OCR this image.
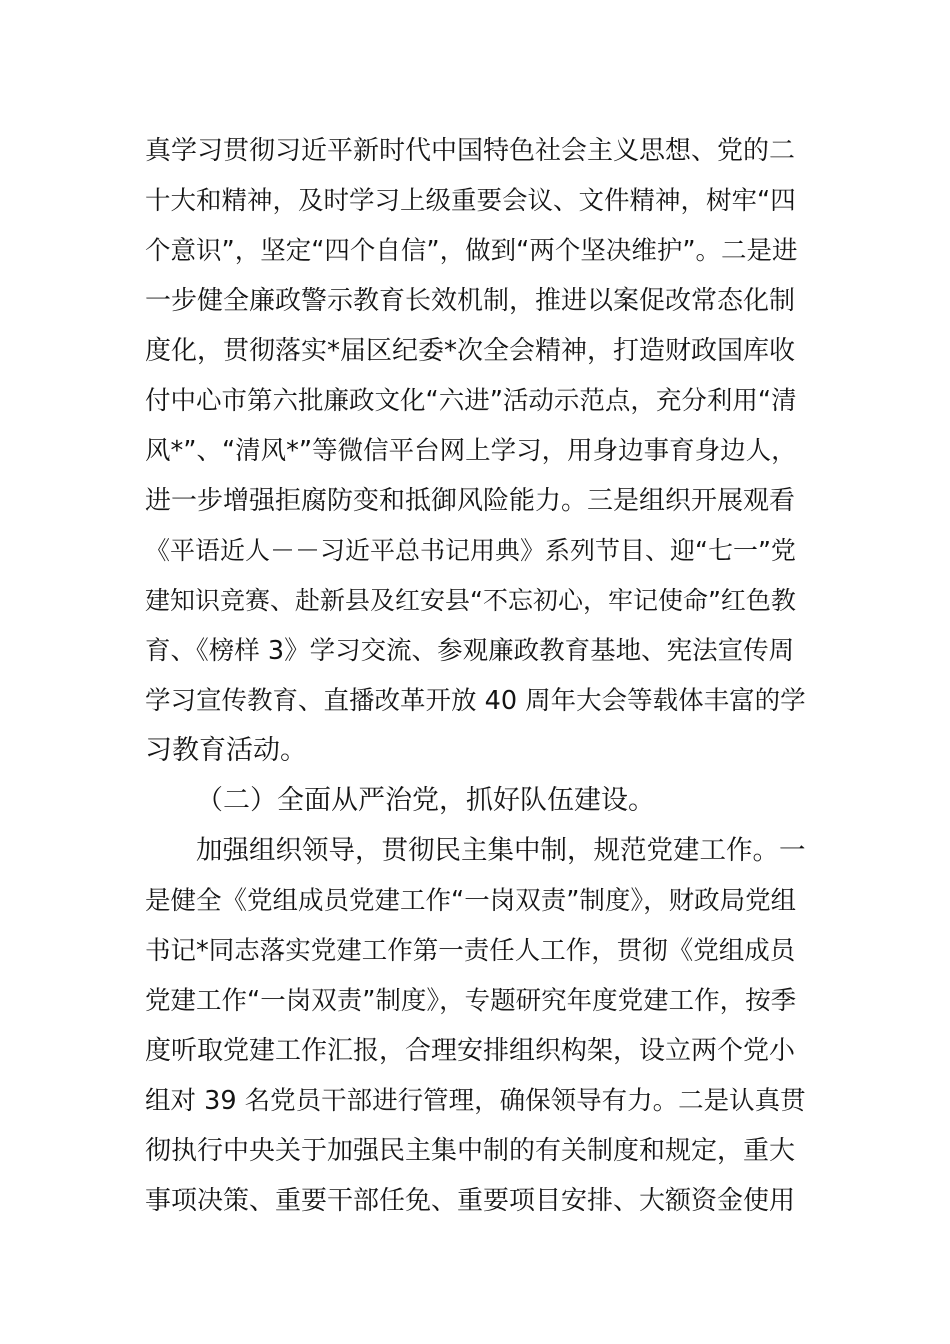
真学习贯彻习近平新时代中国特色社会主义思想、党的二
十大和精神，及时学习上级重要会议、文件精神，树牢“四
个意识”，坚定“四个自信”，做到“两个坚决维护”。二是进
一步健全廉政警示教育长效机制，推进以案促改常态化制
度化，贯彻落实*届区纪委*次全会精神，打造财政国库收
付中心市第六批廉政文化“六进”活动示范点，充分利用“清
风*”、“清风*”等微信平台网上学习，用身边事育身边人，
进一步增强拒腐防变和抵御风险能力。三是组织开展观看
《平语近人－－习近平总书记用典》系列节目、迎“七一”党
建知识竞赛、赴新县及红安县“不忘初心，牢记使命”红色教
育、《榜样 3》学习交流、参观廉政教育基地、宪法宣传周
学习宣传教育、直播改革开放 40 周年大会等载体丰富的学
习教育活动。
（二）全面从严治党，抓好队伍建设。
加强组织领导，贯彻民主集中制，规范党建工作。一
是健全《党组成员党建工作“一岗双责”制度》，财政局党组
书记*同志落实党建工作第一责任人工作，贯彻《党组成员
党建工作“一岗双责”制度》，专题研究年度党建工作，按季
度听取党建工作汇报，合理安排组织构架，设立两个党小
组对 39 名党员干部进行管理，确保领导有力。二是认真贯
彻执行中央关于加强民主集中制的有关制度和规定，重大
事项决策、重要干部任免、重要项目安排、大额资金使用
